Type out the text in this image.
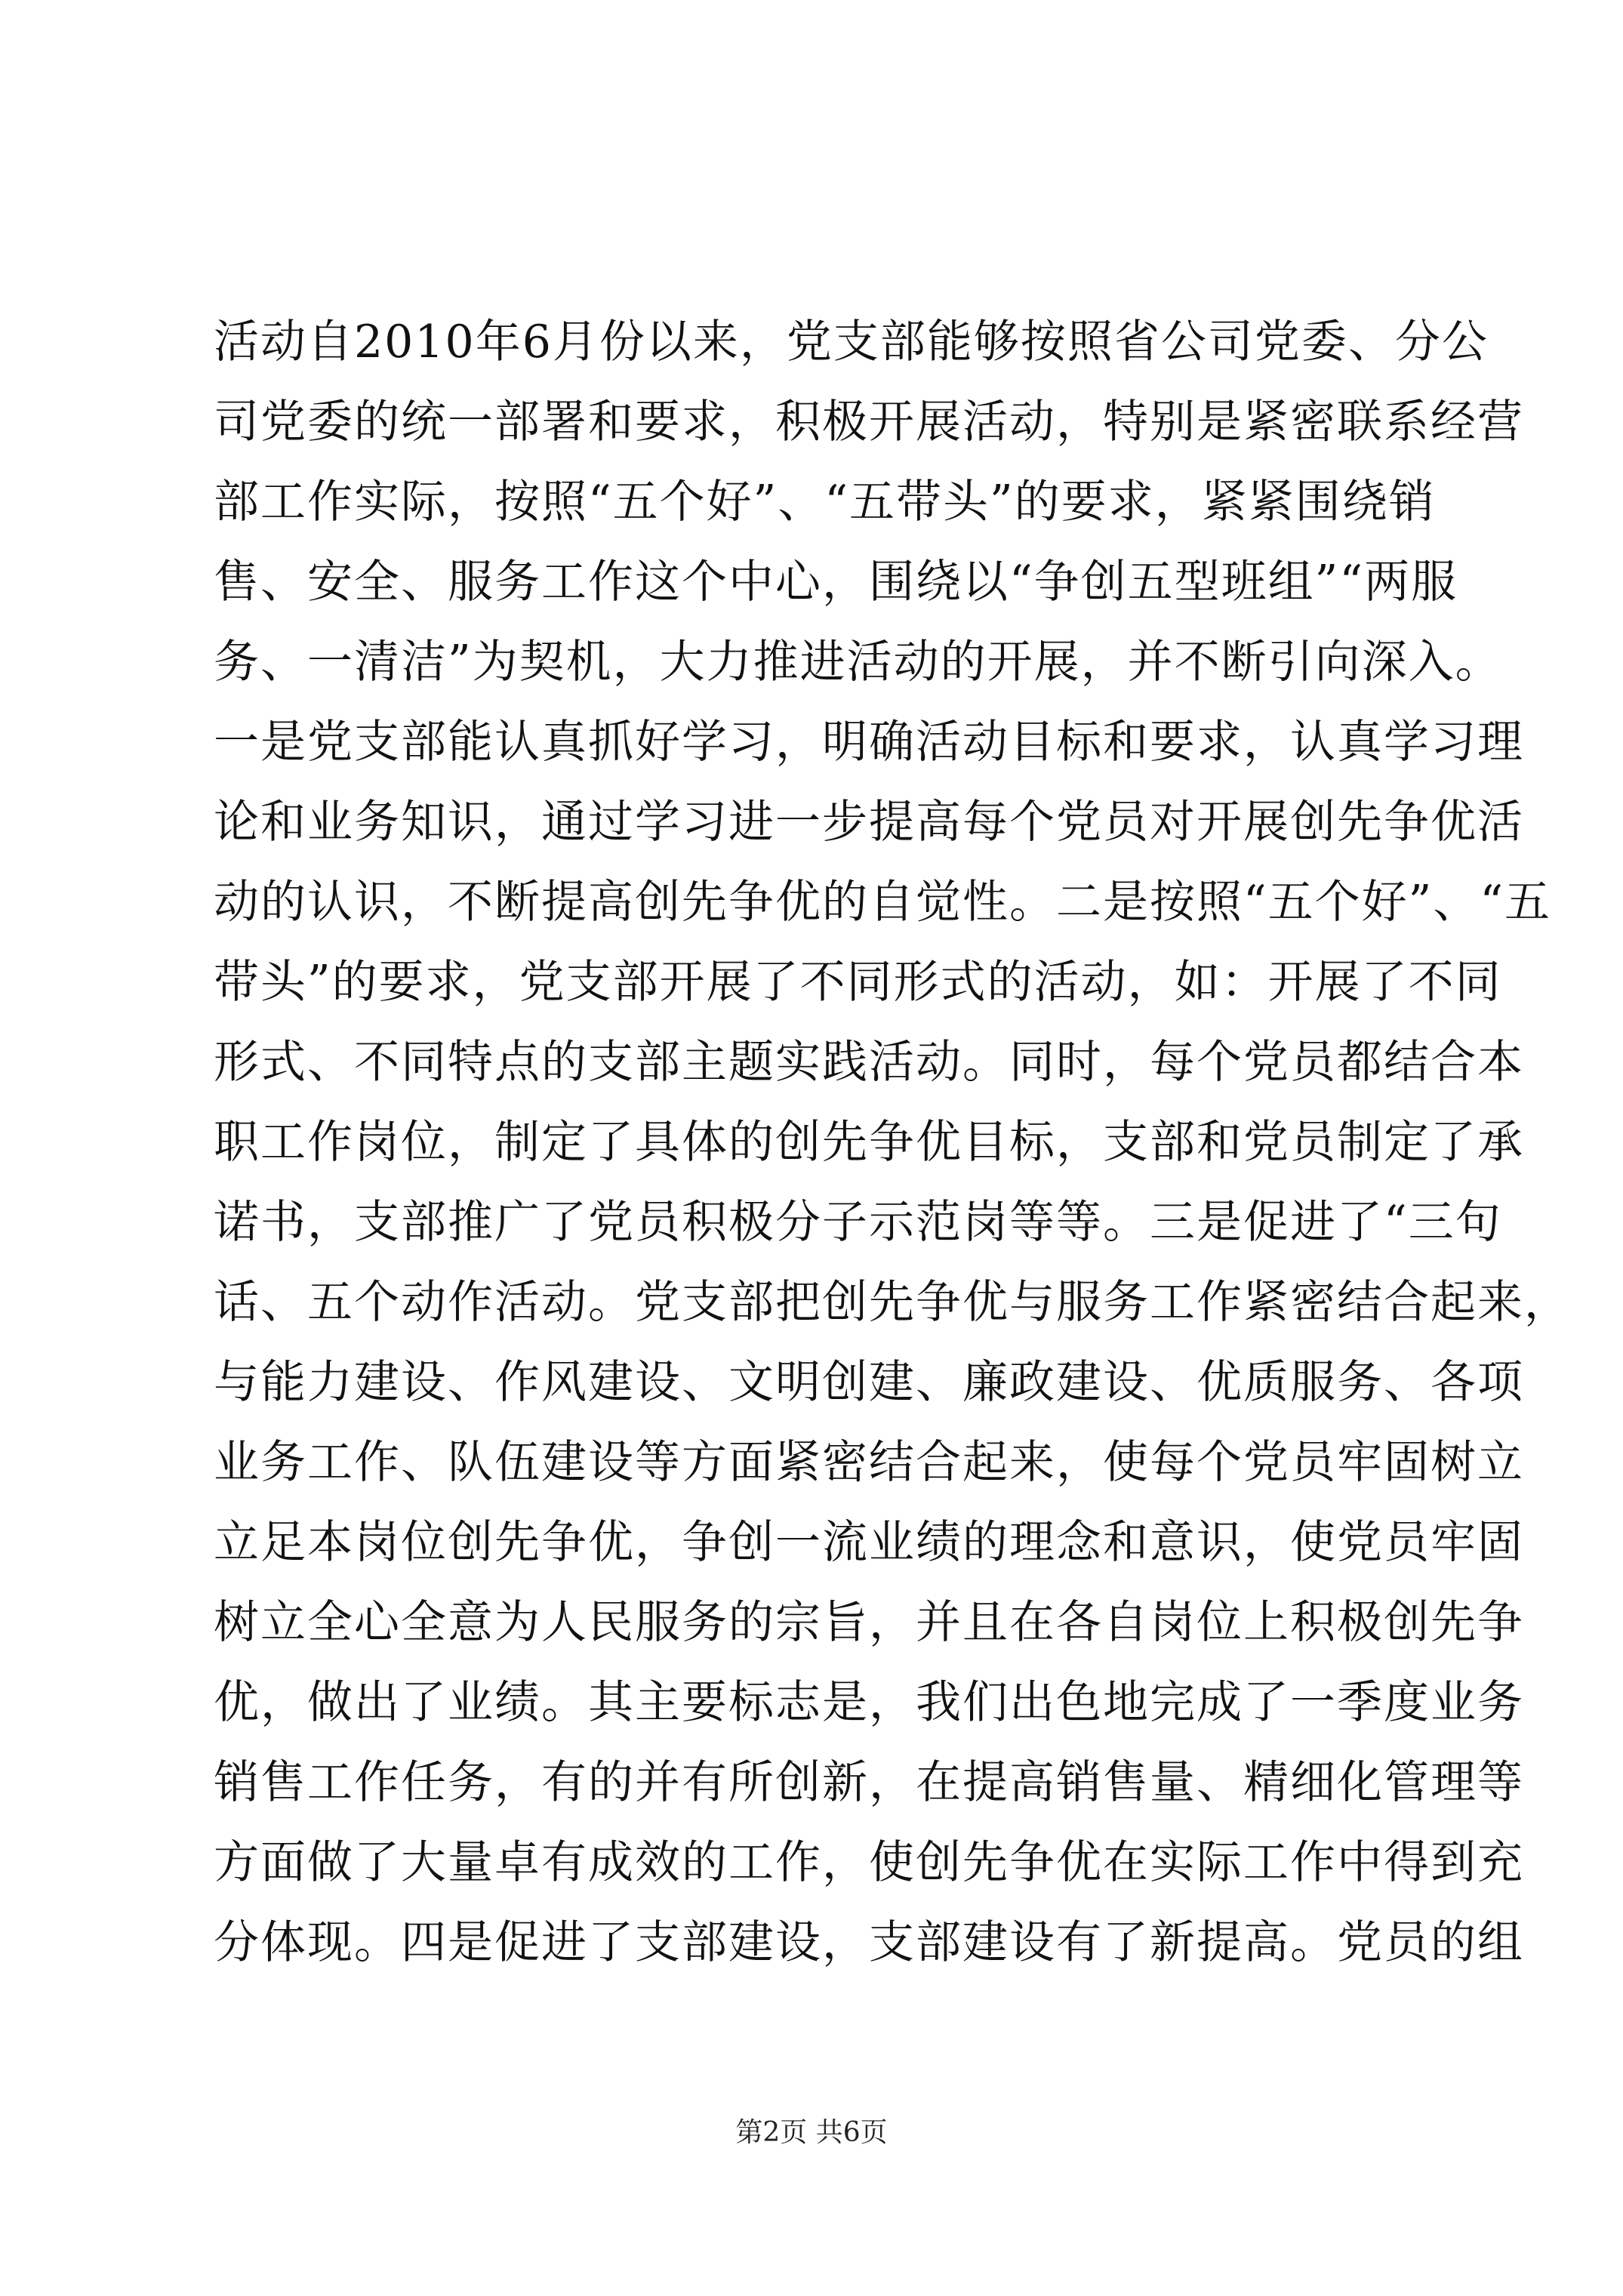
活动自2010年6月份以来，党支部能够按照省公司党委、分公
司党委的统一部署和要求，积极开展活动，特别是紧密联系经营
部工作实际，按照“五个好”、“五带头”的要求，紧紧围绕销
售、安全、服务工作这个中心，围绕以“争创五型班组”“两服
务、一清洁”为契机，大力推进活动的开展，并不断引向深入。
一是党支部能认真抓好学习，明确活动目标和要求，认真学习理
论和业务知识，通过学习进一步提高每个党员对开展创先争优活
动的认识，不断提高创先争优的自觉性。二是按照“五个好”、“五
带头”的要求，党支部开展了不同形式的活动，如：开展了不同
形式、不同特点的支部主题实践活动。同时，每个党员都结合本
职工作岗位，制定了具体的创先争优目标，支部和党员制定了承
诺书，支部推广了党员积极分子示范岗等等。三是促进了“三句
话、五个动作活动。党支部把创先争优与服务工作紧密结合起来，
与能力建设、作风建设、文明创建、廉政建设、优质服务、各项
业务工作、队伍建设等方面紧密结合起来，使每个党员牢固树立
立足本岗位创先争优，争创一流业绩的理念和意识，使党员牢固
树立全心全意为人民服务的宗旨，并且在各自岗位上积极创先争
优，做出了业绩。其主要标志是，我们出色地完成了一季度业务
销售工作任务，有的并有所创新，在提高销售量、精细化管理等
方面做了大量卓有成效的工作，使创先争优在实际工作中得到充
分体现。四是促进了支部建设，支部建设有了新提高。党员的组
第2页 共6页
